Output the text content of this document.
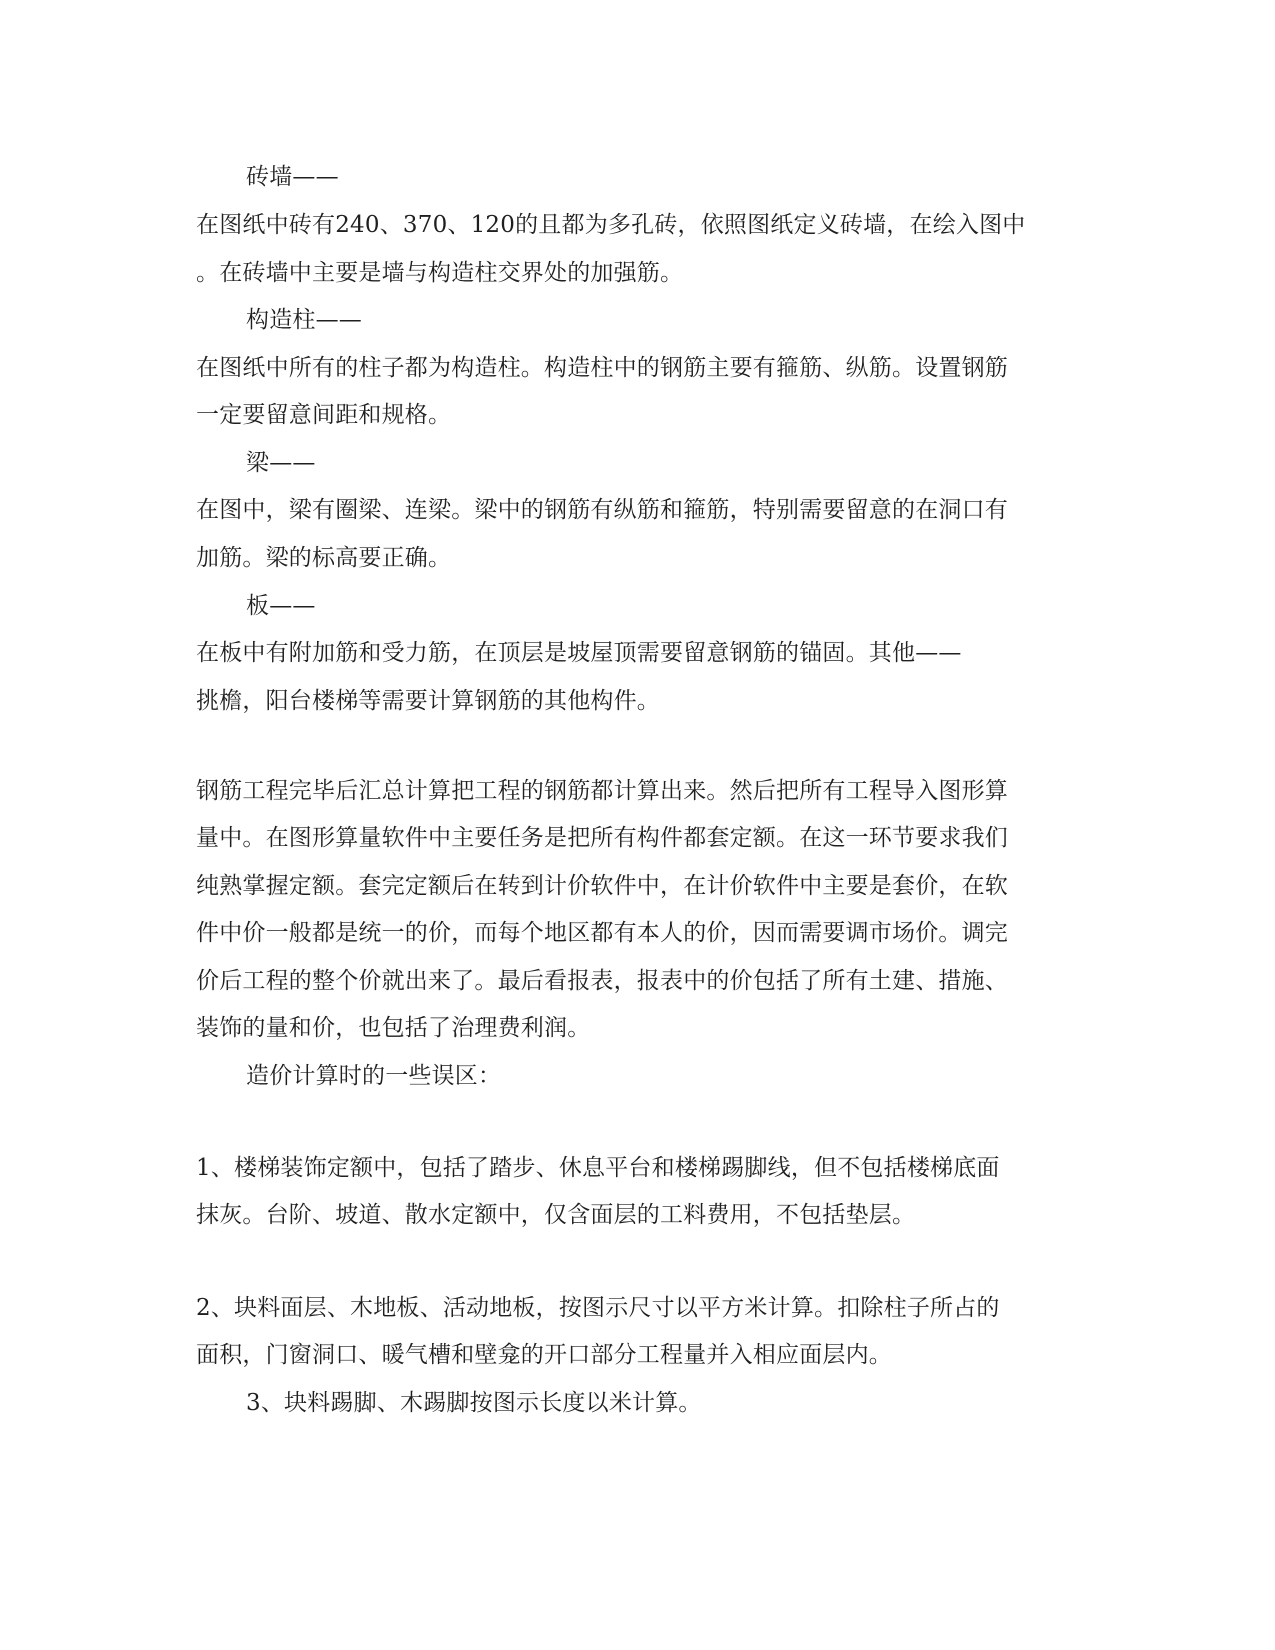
砖墙——
在图纸中砖有240、370、120的且都为多孔砖，依照图纸定义砖墙，在绘入图中
。在砖墙中主要是墙与构造柱交界处的加强筋。
构造柱——
在图纸中所有的柱子都为构造柱。构造柱中的钢筋主要有箍筋、纵筋。设置钢筋
一定要留意间距和规格。
梁——
在图中，梁有圈梁、连梁。梁中的钢筋有纵筋和箍筋，特别需要留意的在洞口有
加筋。梁的标高要正确。
板——
在板中有附加筋和受力筋，在顶层是坡屋顶需要留意钢筋的锚固。其他——
挑檐，阳台楼梯等需要计算钢筋的其他构件。
钢筋工程完毕后汇总计算把工程的钢筋都计算出来。然后把所有工程导入图形算
量中。在图形算量软件中主要任务是把所有构件都套定额。在这一环节要求我们
纯熟掌握定额。套完定额后在转到计价软件中，在计价软件中主要是套价，在软
件中价一般都是统一的价，而每个地区都有本人的价，因而需要调市场价。调完
价后工程的整个价就出来了。最后看报表，报表中的价包括了所有土建、措施、
装饰的量和价，也包括了治理费利润。
造价计算时的一些误区：
1、楼梯装饰定额中，包括了踏步、休息平台和楼梯踢脚线，但不包括楼梯底面
抹灰。台阶、坡道、散水定额中，仅含面层的工料费用，不包括垫层。
2、块料面层、木地板、活动地板，按图示尺寸以平方米计算。扣除柱子所占的
面积，门窗洞口、暖气槽和壁龛的开口部分工程量并入相应面层内。
3、块料踢脚、木踢脚按图示长度以米计算。
